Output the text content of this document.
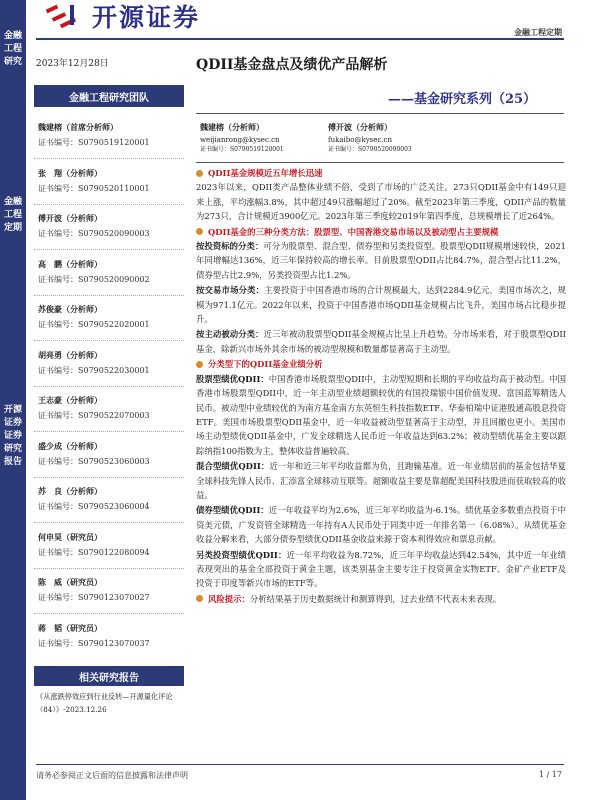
金融工程研究
金融工程定期
开源证券 证券研究报告
开源证券	金融工程定期
2023年12月28日
金融工程研究团队
魏建榕（首席分析师）
证书编号：S0790519120001
张　翔（分析师）
证书编号：S0790520110001
傅开波（分析师）
证书编号：S0790520090003
高　鹏（分析师）
证书编号：S0790520090002
苏俊豪（分析师）
证书编号：S0790522020001
胡亮勇（分析师）
证书编号：S0790522030001
王志豪（分析师）
证书编号：S0790522070003
盛少成（分析师）
证书编号：S0790523060003
苏　良（分析师）
证书编号：S0790523060004
何申昊（研究员）
证书编号：S0790122080094
陈　威（研究员）
证书编号：S0790123070027
蒋　韬（研究员）
证书编号：S0790123070037
相关研究报告
《从涨跌停效应到行业反转—开源量化评论（84）》-2023.12.26
QDII基金盘点及绩优产品解析
——基金研究系列（25）
魏建榕（分析师）
weijianrong@kysec.cn
证书编号：S0790519120001
傅开波（分析师）
fukaibo@kysec.cn
证书编号：S0790520090003
QDII基金规模近五年增长迅速
2023年以来，QDII类产品整体业绩不俗，受到了市场的广泛关注。273只QDII基金中有149只迎来上涨，平均涨幅3.8%，其中超过49只涨幅超过了20%。截至2023年第三季度，QDII产品的数量为273只，合计规模近3900亿元。2023年第三季度较2019年第四季度，总规模增长了近264%。
QDII基金的三种分类方法：股票型、中国香港交易市场以及被动型占主要规模
按投资标的分类：可分为股票型、混合型、债券型和另类投资型。股票型QDII规模增速较快，2021年同增幅达136%，近三年保持较高的增长率。目前股票型QDII占比84.7%，混合型占比11.2%，债券型占比2.9%，另类投资型占比1.2%。
按交易市场分类：主要投资于中国香港市场的合计规模最大，达到2284.9亿元，美国市场次之，规模为971.1亿元。2022年以来，投资于中国香港市场QDII基金规模占比飞升，美国市场占比稳步提升。
按主动被动分类：近三年被动股票型QDII基金规模占比呈上升趋势。分市场来看，对于股票型QDII基金，除新兴市场外其余市场的被动型规模和数量都显著高于主动型。
分类型下的QDII基金业绩分析
股票型绩优QDII：中国香港市场股票型QDII中，主动型短期和长期的平均收益均高于被动型。中国香港市场股票型QDII中，近一年主动型业绩超额较优的有国投瑞银中国价值发现、富国蓝筹精选人民币。被动型中业绩较优的为南方基金南方东英恒生科技指数ETF、华泰柏瑞中证港股通高股息投资ETF。美国市场股票型QDII基金中，近一年收益被动型显著高于主动型，并且回撤也更小。美国市场主动型绩优QDII基金中，广发全球精选人民币近一年收益达到63.2%；被动型绩优基金主要以跟踪纳指100指数为主，整体收益普遍较高。
混合型绩优QDII：近一年和近三年平均收益都为负，且跑输基准。近一年业绩居前的基金包括华夏全球科技先锋人民币、汇添富全球移动互联等。超额收益主要是靠超配美国科技股进而获取较高的收益。
债券型绩优QDII：近一年收益平均为2.6%，近三年平均收益为-6.1%。绩优基金多数重点投资于中资美元债，广发资管全球精选一年持有A人民币处于同类中近一年排名第一（6.08%）。从绩优基金收益分解来看，大部分债券型绩优QDII基金收益来源于资本利得效应和票息贡献。
另类投资型绩优QDII：近一年平均收益为8.72%，近三年平均收益达到42.54%，其中近一年业绩表现突出的基金全部投资于黄金主题，该类别基金主要专注于投资黄金实物ETF、金矿产业ETF及投资于印度等新兴市场的ETF等。
风险提示：分析结果基于历史数据统计和测算得到，过去业绩不代表未来表现。
请务必参阅正文后面的信息披露和法律声明	1 / 17
